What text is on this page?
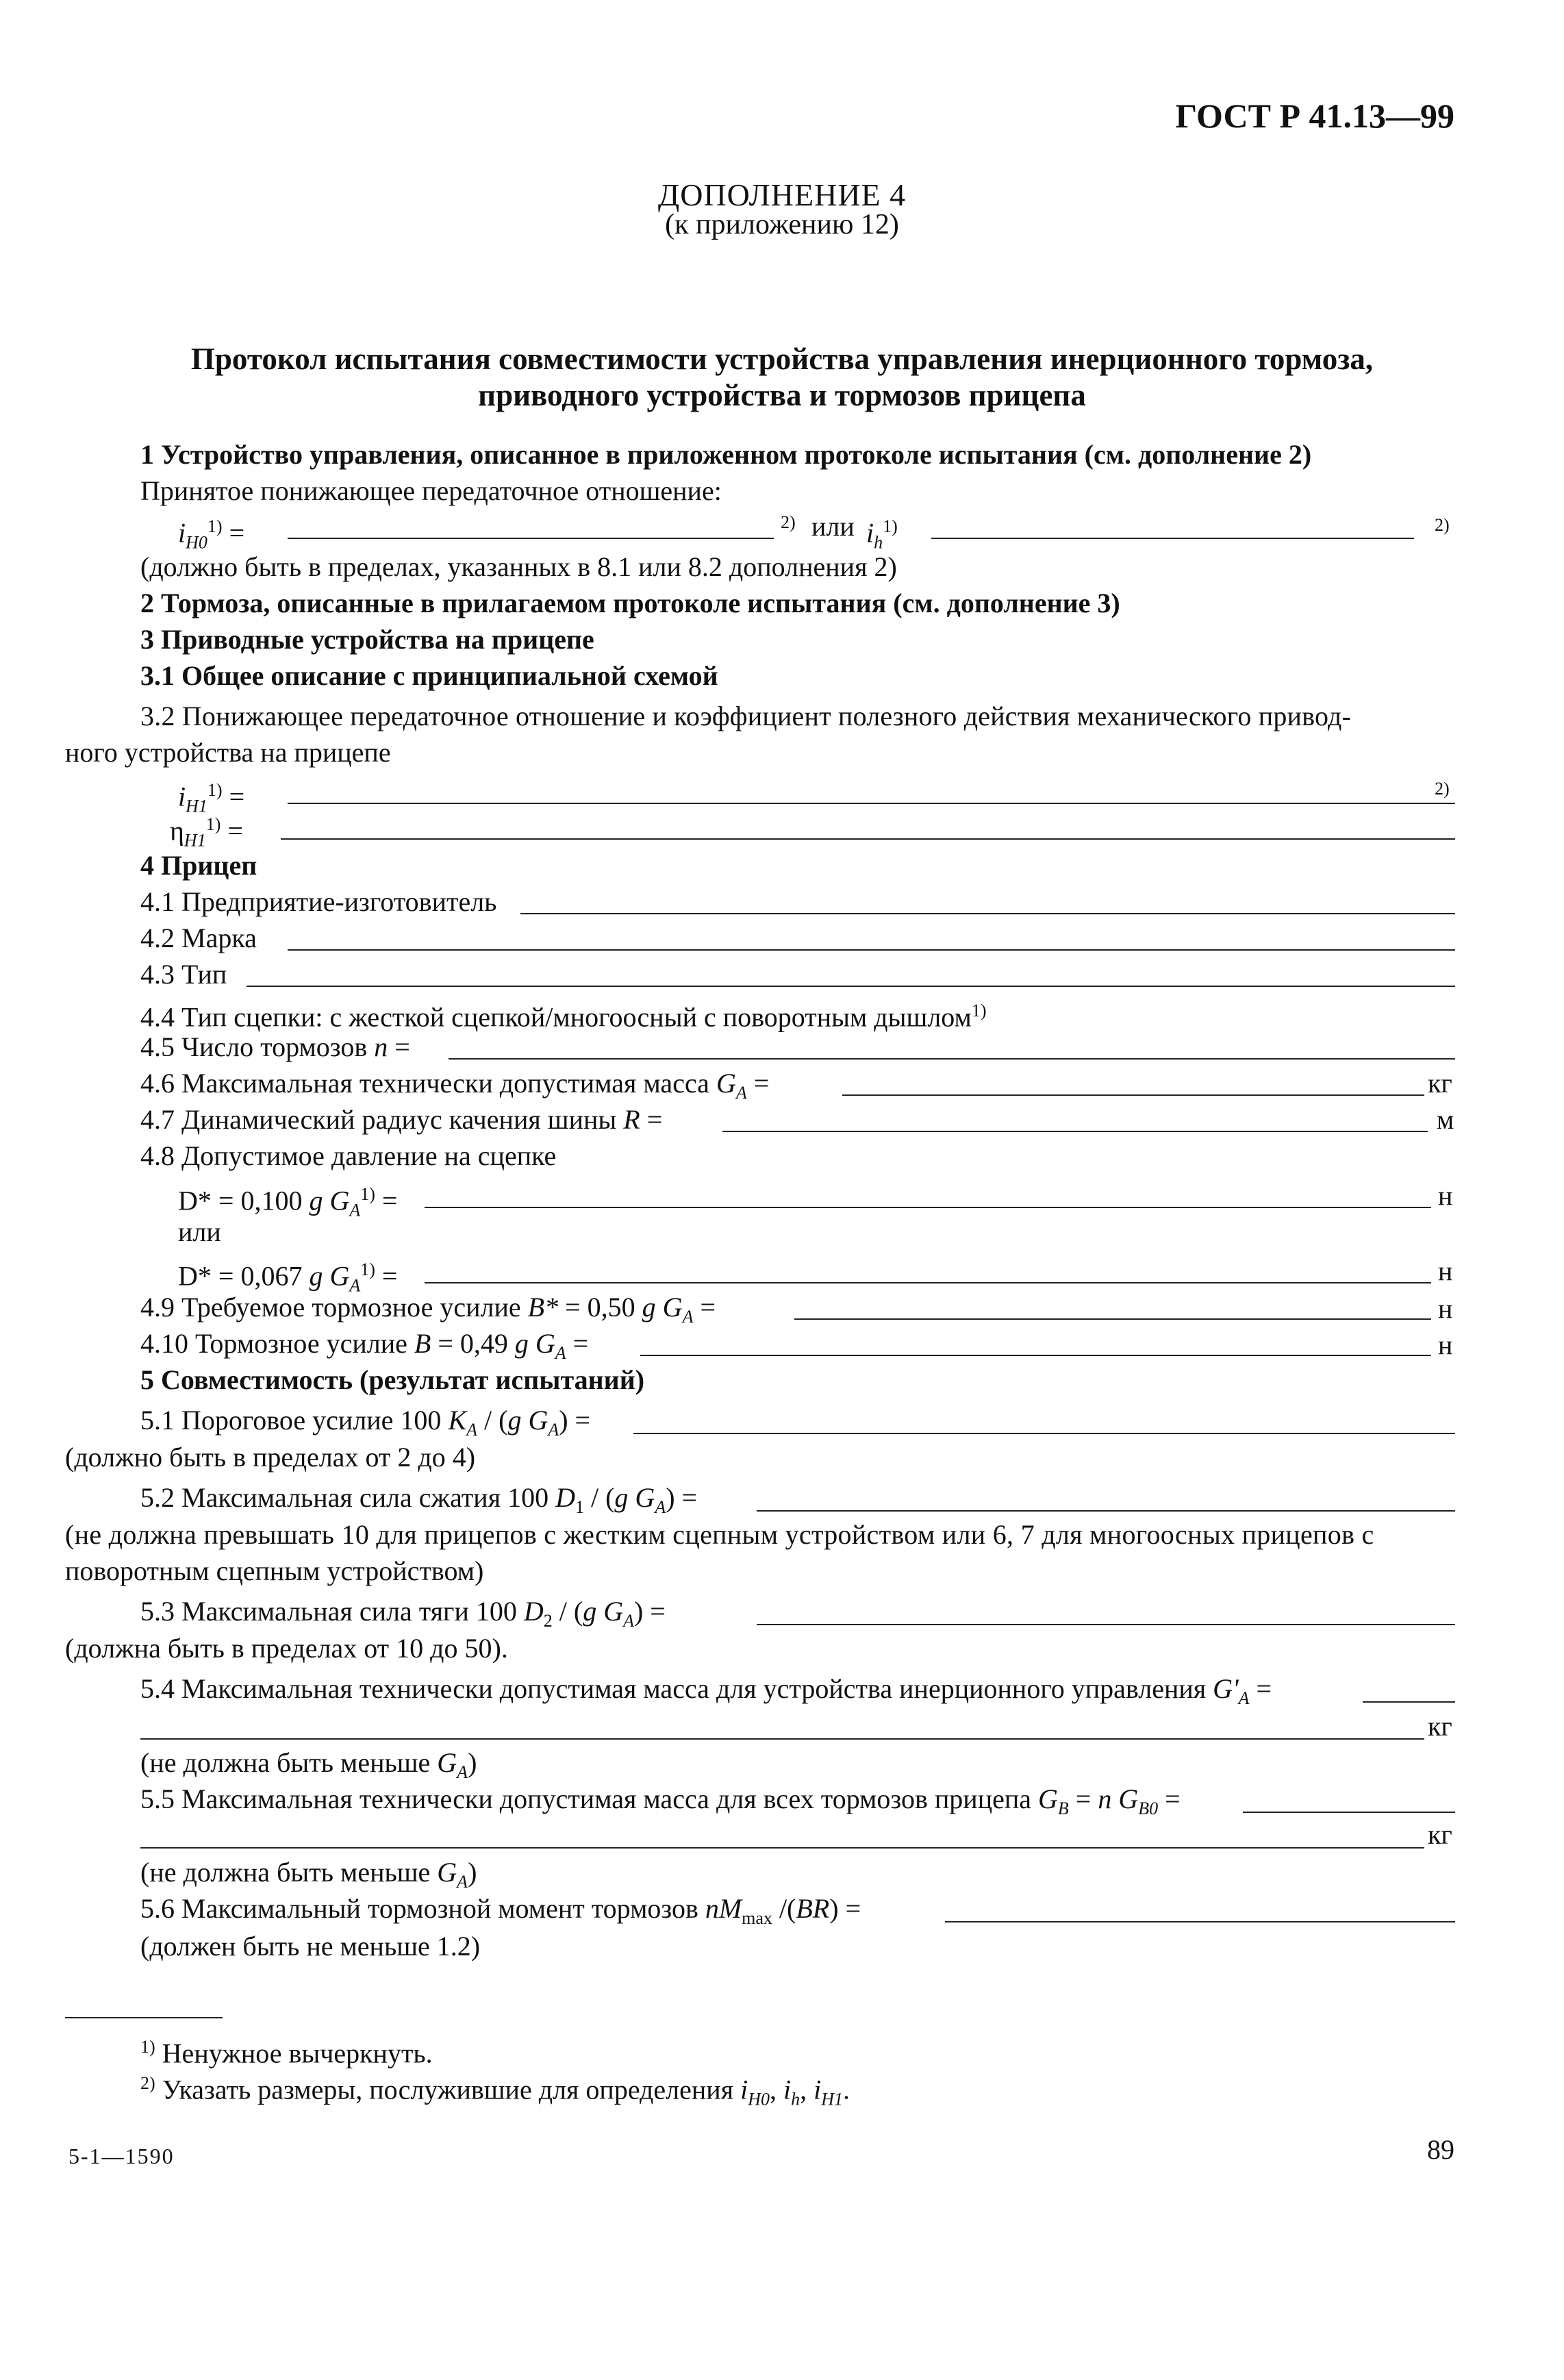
ГОСТ Р 41.13—99
ДОПОЛНЕНИЕ 4
(к приложению 12)
Протокол испытания совместимости устройства управления инерционного тормоза,
приводного устройства и тормозов прицепа
1 Устройство управления, описанное в приложенном протоколе испытания (см. дополнение 2)
Принятое понижающее передаточное отношение:
$i_{H0}^{1)}$ =	2) или $i_h^{1)}$	2)
(должно быть в пределах, указанных в 8.1 или 8.2 дополнения 2)
2 Тормоза, описанные в прилагаемом протоколе испытания (см. дополнение 3)
3 Приводные устройства на прицепе
3.1 Общее описание с принципиальной схемой
3.2 Понижающее передаточное отношение и коэффициент полезного действия механического привод-
ного устройства на прицепе
$i_{H1}^{1)}$ =	2)
$\eta_{H1}^{1)}$ =
4 Прицеп
4.1 Предприятие-изготовитель
4.2 Марка
4.3 Тип
4.4 Тип сцепки: с жесткой сцепкой/многоосный с поворотным дышлом$^{1)}$
4.5 Число тормозов n =
4.6 Максимальная технически допустимая масса $G_A$ =	кг
4.7 Динамический радиус качения шины R =	м
4.8 Допустимое давление на сцепке
D* = 0,100 g $G_A^{1)}$ =	н
или
D* = 0,067 g $G_A^{1)}$ =	н
4.9 Требуемое тормозное усилие B* = 0,50 g $G_A$ =	н
4.10 Тормозное усилие B = 0,49 g $G_A$ =	н
5 Совместимость (результат испытаний)
5.1 Пороговое усилие 100 $K_A / (g$ $G_A$) =
(должно быть в пределах от 2 до 4)
5.2 Максимальная сила сжатия 100 $D_1 / (g$ $G_A$) =
(не должна превышать 10 для прицепов с жестким сцепным устройством или 6, 7 для многоосных прицепов с
поворотным сцепным устройством)
5.3 Максимальная сила тяги 100 $D_2 / (g$ $G_A$) =
(должна быть в пределах от 10 до 50).
5.4 Максимальная технически допустимая масса для устройства инерционного управления $G'_A$ =
кг
(не должна быть меньше $G_A$)
5.5 Максимальная технически допустимая масса для всех тормозов прицепа $G_B = n$ $G_{B0}$ =
кг
(не должна быть меньше $G_A$)
5.6 Максимальный тормозной момент тормозов $nM_{max}$ /(BR) =
(должен быть не меньше 1.2)
$^{1)}$ Ненужное вычеркнуть.
$^{2)}$ Указать размеры, послужившие для определения $i_{H0}$, $i_h$, $i_{H1}$.
5-1—1590	89
